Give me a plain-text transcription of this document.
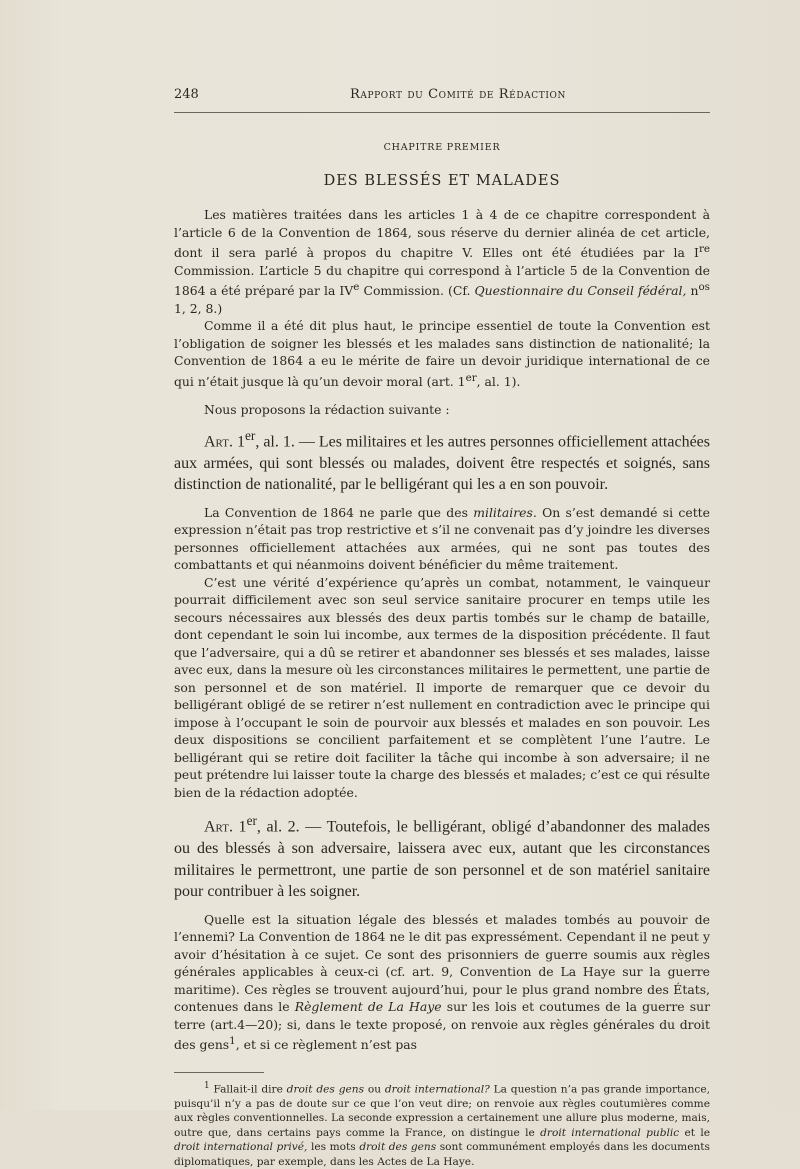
248	Rapport du Comité de Rédaction
CHAPITRE PREMIER
DES BLESSÉS ET MALADES

Les matières traitées dans les articles 1 à 4 de ce chapitre correspondent à l’article 6 de la Convention de 1864, sous réserve du dernier alinéa de cet article, dont il sera parlé à propos du chapitre V. Elles ont été étudiées par la Ire Commission. L’article 5 du chapitre qui correspond à l’article 5 de la Convention de 1864 a été préparé par la IVe Commission. (Cf. Questionnaire du Conseil fédéral, $n^{os}$ 1, 2, 8.)

Comme il a été dit plus haut, le principe essentiel de toute la Convention est l’obligation de soigner les blessés et les malades sans distinction de nationalité; la Convention de 1864 a eu le mérite de faire un devoir juridique international de ce qui n’était jusque là qu’un devoir moral (art. 1er, al. 1).

Nous proposons la rédaction suivante :

Art. 1er, al. 1. — Les militaires et les autres personnes officiellement attachées aux armées, qui sont blessés ou malades, doivent être respectés et soignés, sans distinction de nationalité, par le belligérant qui les a en son pouvoir.

La Convention de 1864 ne parle que des militaires. On s’est demandé si cette expression n’était pas trop restrictive et s’il ne convenait pas d’y joindre les diverses personnes officiellement attachées aux armées, qui ne sont pas toutes des combattants et qui néanmoins doivent bénéficier du même traitement.

C’est une vérité d’expérience qu’après un combat, notamment, le vainqueur pourrait difficilement avec son seul service sanitaire procurer en temps utile les secours nécessaires aux blessés des deux partis tombés sur le champ de bataille, dont cependant le soin lui incombe, aux termes de la disposition précédente. Il faut que l’adversaire, qui a dû se retirer et abandonner ses blessés et ses malades, laisse avec eux, dans la mesure où les circonstances militaires le permettent, une partie de son personnel et de son matériel. Il importe de remarquer que ce devoir du belligérant obligé de se retirer n’est nullement en contradiction avec le principe qui impose à l’occupant le soin de pourvoir aux blessés et malades en son pouvoir. Les deux dispositions se concilient parfaitement et se complètent l’une l’autre. Le belligérant qui se retire doit faciliter la tâche qui incombe à son adversaire; il ne peut prétendre lui laisser toute la charge des blessés et malades; c’est ce qui résulte bien de la rédaction adoptée.

Art. 1er, al. 2. — Toutefois, le belligérant, obligé d’abandonner des malades ou des blessés à son adversaire, laissera avec eux, autant que les circonstances militaires le permettront, une partie de son personnel et de son matériel sanitaire pour contribuer à les soigner.

Quelle est la situation légale des blessés et malades tombés au pouvoir de l’ennemi? La Convention de 1864 ne le dit pas expressément. Cependant il ne peut y avoir d’hésitation à ce sujet. Ce sont des prisonniers de guerre soumis aux règles générales applicables à ceux-ci (cf. art. 9, Convention de La Haye sur la guerre maritime). Ces règles se trouvent aujourd’hui, pour le plus grand nombre des États, contenues dans le Règlement de La Haye sur les lois et coutumes de la guerre sur terre (art.4—20); si, dans le texte proposé, on renvoie aux règles générales du droit des gens$^1$, et si ce règlement n’est pas

$^1$ Fallait-il dire droit des gens ou droit international? La question n’a pas grande importance, puisqu’il n’y a pas de doute sur ce que l’on veut dire; on renvoie aux règles coutumières comme aux règles conventionnelles. La seconde expression a certainement une allure plus moderne, mais, outre que, dans certains pays comme la France, on distingue le droit international public et le droit international privé, les mots droit des gens sont communément employés dans les documents diplomatiques, par exemple, dans les Actes de La Haye.
